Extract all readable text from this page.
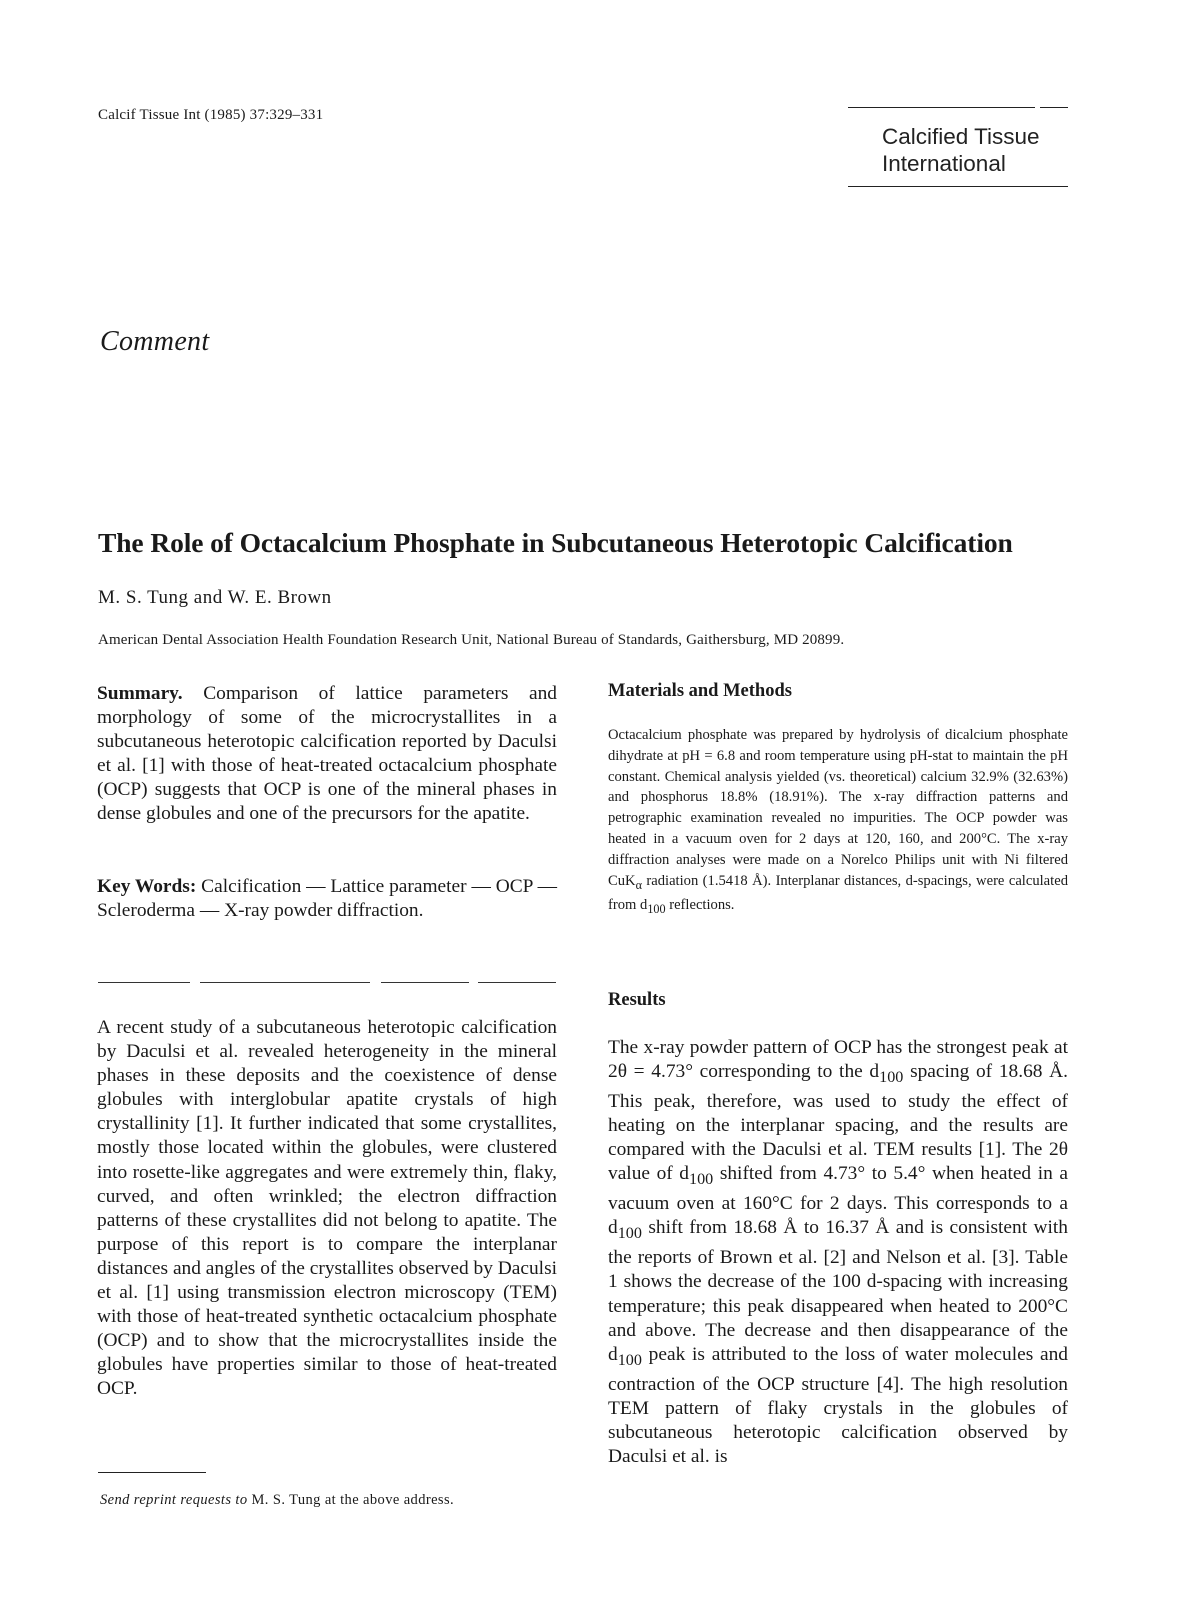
Calcif Tissue Int (1985) 37:329–331
Calcified Tissue
International
Comment
The Role of Octacalcium Phosphate in Subcutaneous Heterotopic Calcification
M. S. Tung and W. E. Brown
American Dental Association Health Foundation Research Unit, National Bureau of Standards, Gaithersburg, MD 20899.
Summary. Comparison of lattice parameters and morphology of some of the microcrystallites in a subcutaneous heterotopic calcification reported by Daculsi et al. [1] with those of heat-treated octacalcium phosphate (OCP) suggests that OCP is one of the mineral phases in dense globules and one of the precursors for the apatite.
Key Words: Calcification — Lattice parameter — OCP — Scleroderma — X-ray powder diffraction.
A recent study of a subcutaneous heterotopic calcification by Daculsi et al. revealed heterogeneity in the mineral phases in these deposits and the coexistence of dense globules with interglobular apatite crystals of high crystallinity [1]. It further indicated that some crystallites, mostly those located within the globules, were clustered into rosette-like aggregates and were extremely thin, flaky, curved, and often wrinkled; the electron diffraction patterns of these crystallites did not belong to apatite. The purpose of this report is to compare the interplanar distances and angles of the crystallites observed by Daculsi et al. [1] using transmission electron microscopy (TEM) with those of heat-treated synthetic octacalcium phosphate (OCP) and to show that the microcrystallites inside the globules have properties similar to those of heat-treated OCP.
Send reprint requests to M. S. Tung at the above address.
Materials and Methods
Octacalcium phosphate was prepared by hydrolysis of dicalcium phosphate dihydrate at pH = 6.8 and room temperature using pH-stat to maintain the pH constant. Chemical analysis yielded (vs. theoretical) calcium 32.9% (32.63%) and phosphorus 18.8% (18.91%). The x-ray diffraction patterns and petrographic examination revealed no impurities. The OCP powder was heated in a vacuum oven for 2 days at 120, 160, and 200°C. The x-ray diffraction analyses were made on a Norelco Philips unit with Ni filtered CuK$_\alpha$ radiation (1.5418 Å). Interplanar distances, d-spacings, were calculated from $d_{100}$ reflections.
Results
The x-ray powder pattern of OCP has the strongest peak at 2θ = 4.73° corresponding to the $d_{100}$ spacing of 18.68 Å. This peak, therefore, was used to study the effect of heating on the interplanar spacing, and the results are compared with the Daculsi et al. TEM results [1]. The 2θ value of $d_{100}$ shifted from 4.73° to 5.4° when heated in a vacuum oven at 160°C for 2 days. This corresponds to a $d_{100}$ shift from 18.68 Å to 16.37 Å and is consistent with the reports of Brown et al. [2] and Nelson et al. [3]. Table 1 shows the decrease of the 100 d-spacing with increasing temperature; this peak disappeared when heated to 200°C and above. The decrease and then disappearance of the $d_{100}$ peak is attributed to the loss of water molecules and contraction of the OCP structure [4]. The high resolution TEM pattern of flaky crystals in the globules of subcutaneous heterotopic calcification observed by Daculsi et al. is
